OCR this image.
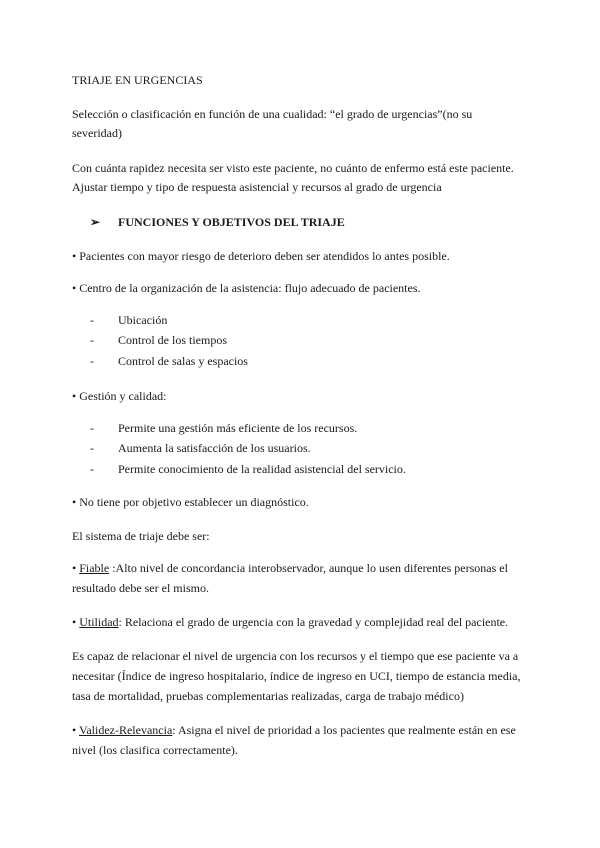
TRIAJE EN URGENCIAS
Selección o clasificación en función de una cualidad: “el grado de urgencias”(no su
severidad)
Con cuánta rapidez necesita ser visto este paciente, no cuánto de enfermo está este paciente.
Ajustar tiempo y tipo de respuesta asistencial y recursos al grado de urgencia
➢ FUNCIONES Y OBJETIVOS DEL TRIAJE
• Pacientes con mayor riesgo de deterioro deben ser atendidos lo antes posible.
• Centro de la organización de la asistencia: flujo adecuado de pacientes.
- Ubicación
- Control de los tiempos
- Control de salas y espacios
• Gestión y calidad:
- Permite una gestión más eficiente de los recursos.
- Aumenta la satisfacción de los usuarios.
- Permite conocimiento de la realidad asistencial del servicio.
• No tiene por objetivo establecer un diagnóstico.
El sistema de triaje debe ser:
• Fiable :Alto nivel de concordancia interobservador, aunque lo usen diferentes personas el
resultado debe ser el mismo.
• Utilidad: Relaciona el grado de urgencia con la gravedad y complejidad real del paciente.
Es capaz de relacionar el nivel de urgencia con los recursos y el tiempo que ese paciente va a
necesitar (Índice de ingreso hospitalario, índice de ingreso en UCI, tiempo de estancia media,
tasa de mortalidad, pruebas complementarias realizadas, carga de trabajo médico)
• Validez-Relevancia: Asigna el nivel de prioridad a los pacientes que realmente están en ese
nivel (los clasifica correctamente).
